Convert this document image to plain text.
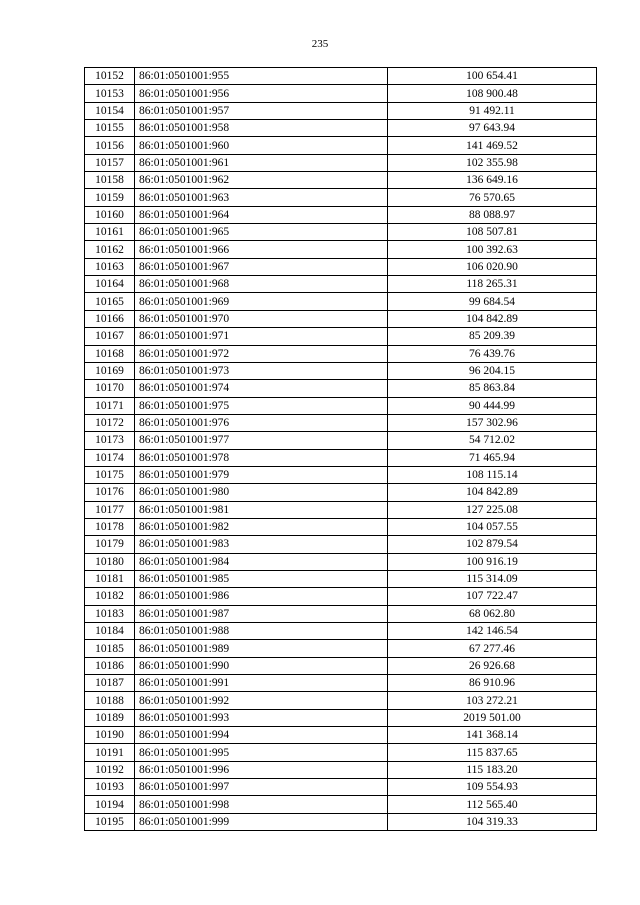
235
10152	86:01:0501001:955	100 654.41
10153	86:01:0501001:956	108 900.48
10154	86:01:0501001:957	91 492.11
10155	86:01:0501001:958	97 643.94
10156	86:01:0501001:960	141 469.52
10157	86:01:0501001:961	102 355.98
10158	86:01:0501001:962	136 649.16
10159	86:01:0501001:963	76 570.65
10160	86:01:0501001:964	88 088.97
10161	86:01:0501001:965	108 507.81
10162	86:01:0501001:966	100 392.63
10163	86:01:0501001:967	106 020.90
10164	86:01:0501001:968	118 265.31
10165	86:01:0501001:969	99 684.54
10166	86:01:0501001:970	104 842.89
10167	86:01:0501001:971	85 209.39
10168	86:01:0501001:972	76 439.76
10169	86:01:0501001:973	96 204.15
10170	86:01:0501001:974	85 863.84
10171	86:01:0501001:975	90 444.99
10172	86:01:0501001:976	157 302.96
10173	86:01:0501001:977	54 712.02
10174	86:01:0501001:978	71 465.94
10175	86:01:0501001:979	108 115.14
10176	86:01:0501001:980	104 842.89
10177	86:01:0501001:981	127 225.08
10178	86:01:0501001:982	104 057.55
10179	86:01:0501001:983	102 879.54
10180	86:01:0501001:984	100 916.19
10181	86:01:0501001:985	115 314.09
10182	86:01:0501001:986	107 722.47
10183	86:01:0501001:987	68 062.80
10184	86:01:0501001:988	142 146.54
10185	86:01:0501001:989	67 277.46
10186	86:01:0501001:990	26 926.68
10187	86:01:0501001:991	86 910.96
10188	86:01:0501001:992	103 272.21
10189	86:01:0501001:993	2019 501.00
10190	86:01:0501001:994	141 368.14
10191	86:01:0501001:995	115 837.65
10192	86:01:0501001:996	115 183.20
10193	86:01:0501001:997	109 554.93
10194	86:01:0501001:998	112 565.40
10195	86:01:0501001:999	104 319.33
